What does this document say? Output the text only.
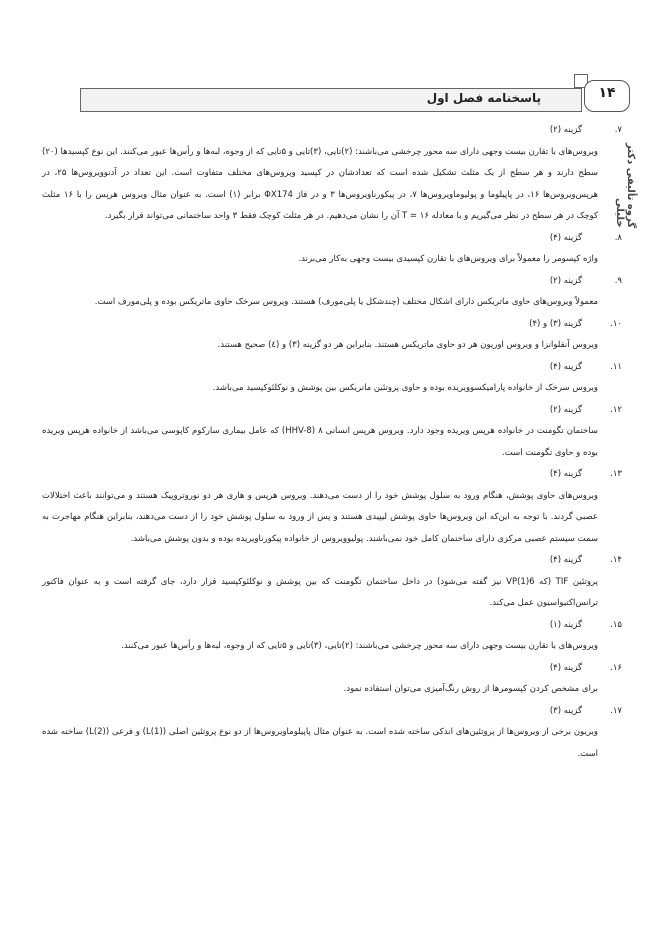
پاسخنامه فصل اول	۱۴
گروه تألیفی دکتر خلیلی
۷.
گزینه (۲)
ویروس‌های با تقارن بیست وجهی دارای سه محور چرخشی می‌باشند: (۲)تایی، (۳)تایی و ۵تایی که از وجوه، لبه‌ها و رأس‌ها عبور می‌کنند. این نوع کپسیدها (۲۰) سطح دارند و هر سطح از یک مثلث تشکیل شده است که تعدادشان در کپسید ویروس‌های مختلف متفاوت است. این تعداد در آدنوویروس‌ها ۲۵، در هرپس‌ویروس‌ها ۱۶، در پاپیلوما و پولیوماویروس‌ها ۷، در پیکورناویروس‌ها ۳ و در فاژ ΦX174 برابر (۱) است. به عنوان مثال ویروس هرپس را با ۱۶ مثلث کوچک در هر سطح در نظر می‌گیریم و با معادله ۱۶ = T آن را نشان می‌دهیم. در هر مثلث کوچک فقط ۳ واحد ساختمانی می‌تواند قرار بگیرد.
۸.
گزینه (۴)
واژه کپسومر را معمولاً برای ویروس‌های با تقارن کپسیدی بیست وجهی به‌کار می‌برند.
۹.
گزینه (۲)
معمولاً ویروس‌های حاوی ماتریکس دارای اشکال مختلف (چندشکل یا پلی‌مورف) هستند. ویروس سرخک حاوی ماتریکس بوده و پلی‌مورف است.
۱۰.
گزینه (۳) و (۴)
ویروس آنفلوانزا و ویروس اوریون هر دو حاوی ماتریکس هستند. بنابراین هر دو گزینه (۳) و (٤) صحیح هستند.
۱۱.
گزینه (۴)
ویروس سرخک از خانواده پارامیکسوویریده بوده و حاوی پروتئین ماتریکس بین پوشش و نوکلئوکپسید می‌باشد.
۱۲.
گزینه (۲)
ساختمان تگومنت در خانواده هرپس ویریده وجود دارد. ویروس هرپس انسانی ۸ (HHV-8) که عامل بیماری سارکوم کاپوسی می‌باشد از خانواده هرپس ویریده بوده و حاوی تگومنت است.
۱۳.
گزینه (۴)
ویروس‌های حاوی پوشش، هنگام ورود به سلول پوشش خود را از دست می‌دهند. ویروس هرپس و هاری هر دو نوروتروپیک هستند و می‌توانند باعث اختلالات عصبی گردند. با توجه به این‌که این ویروس‌ها حاوی پوشش لیپیدی هستند و پس از ورود به سلول پوشش خود را از دست می‌دهند، بنابراین هنگام مهاجرت به سمت سیستم عصبی مرکزی دارای ساختمان کامل خود نمی‌باشند. پولیوویروس از خانواده پیکورناویریده بوده و بدون پوشش می‌باشد.
۱۴.
گزینه (۴)
پروتئین TIF (که VP(1)6 نیز گفته می‌شود) در داخل ساختمان تگومنت که بین پوشش و نوکلئوکپسید قرار دارد، جای گرفته است و به عنوان فاکتور ترانس‌اکتیواسیون عمل می‌کند.
۱۵.
گزینه (۱)
ویروس‌های با تقارن بیست وجهی دارای سه محور چرخشی می‌باشند: (۲)تایی، (۳)تایی و ۵تایی که از وجوه، لبه‌ها و رأس‌ها عبور می‌کنند.
۱۶.
گزینه (۴)
برای مشخص کردن کپسومرها از روش رنگ‌آمیزی می‌توان استفاده نمود.
۱۷.
گزینه (۳)
ویریون برخی از ویروس‌ها از پروتئین‌های اندکی ساخته شده است. به عنوان مثال پاپیلوماویروس‌ها از دو نوع پروتئین اصلی (L(1)) و فرعی (L(2)) ساخته شده است.
